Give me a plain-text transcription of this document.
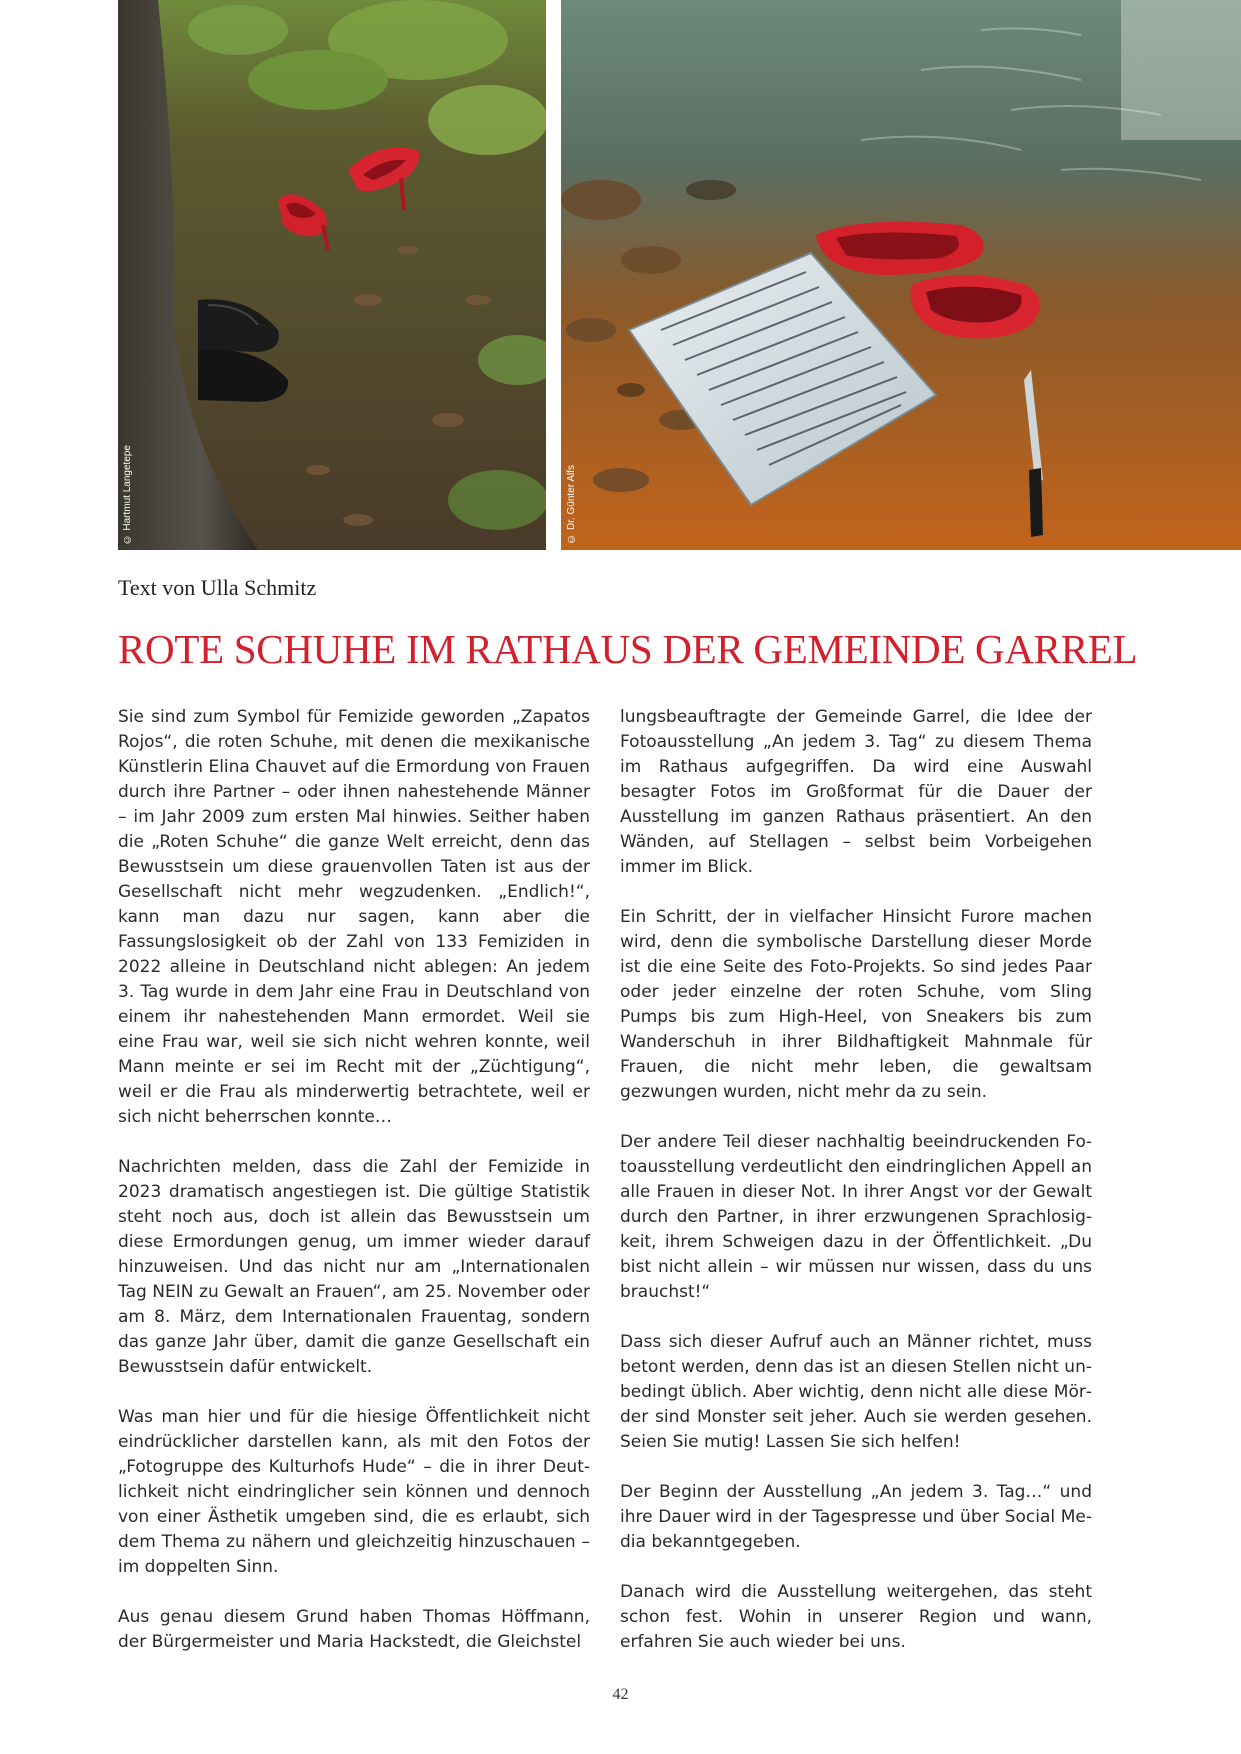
© Hartmut Langetepe	© Dr. Günter Alfs
Text von Ulla Schmitz
ROTE SCHUHE IM RATHAUS DER GEMEINDE GARREL

Sie sind zum Symbol für Femizide geworden „Zapatos Rojos“, die roten Schuhe, mit denen die mexikanische Künstlerin Elina Chauvet auf die Ermordung von Frauen durch ihre Partner – oder ihnen nahestehende Männer – im Jahr 2009 zum ersten Mal hinwies. Seither haben die „Roten Schuhe“ die ganze Welt erreicht, denn das Bewusstsein um diese grauenvollen Taten ist aus der Gesellschaft nicht mehr wegzudenken. „Endlich!“, kann man dazu nur sagen, kann aber die Fassungslosigkeit ob der Zahl von 133 Femiziden in 2022 alleine in Deutschland nicht ablegen: An jedem 3. Tag wurde in dem Jahr eine Frau in Deutschland von einem ihr nahestehenden Mann ermordet. Weil sie eine Frau war, weil sie sich nicht wehren konnte, weil Mann meinte er sei im Recht mit der „Züchtigung“, weil er die Frau als minderwertig betrachtete, weil er sich nicht beherrschen konnte…

Nachrichten melden, dass die Zahl der Femizide in 2023 dramatisch angestiegen ist. Die gültige Statistik steht noch aus, doch ist allein das Bewusstsein um diese Ermordungen genug, um immer wieder darauf hinzuweisen. Und das nicht nur am „Internationalen Tag NEIN zu Gewalt an Frauen“, am 25. November oder am 8. März, dem Internationalen Frauentag, sondern das ganze Jahr über, damit die ganze Gesellschaft ein Bewusstsein dafür entwickelt.

Was man hier und für die hiesige Öffentlichkeit nicht eindrücklicher darstellen kann, als mit den Fotos der „Fotogruppe des Kulturhofs Hude“ – die in ihrer Deutlichkeit nicht eindringlicher sein können und dennoch von einer Ästhetik umgeben sind, die es erlaubt, sich dem Thema zu nähern und gleichzeitig hinzuschauen – im doppelten Sinn.

Aus genau diesem Grund haben Thomas Höffmann, der Bürgermeister und Maria Hackstedt, die Gleichstel

lungsbeauftragte der Gemeinde Garrel, die Idee der Fotoausstellung „An jedem 3. Tag“ zu diesem Thema im Rathaus aufgegriffen. Da wird eine Auswahl besagter Fotos im Großformat für die Dauer der Ausstellung im ganzen Rathaus präsentiert. An den Wänden, auf Stellagen – selbst beim Vorbeigehen immer im Blick.

Ein Schritt, der in vielfacher Hinsicht Furore machen wird, denn die symbolische Darstellung dieser Morde ist die eine Seite des Foto-Projekts. So sind jedes Paar oder jeder einzelne der roten Schuhe, vom Sling Pumps bis zum High-Heel, von Sneakers bis zum Wanderschuh in ihrer Bildhaftigkeit Mahnmale für Frauen, die nicht mehr leben, die gewaltsam gezwungen wurden, nicht mehr da zu sein.

Der andere Teil dieser nachhaltig beeindruckenden Fotoausstellung verdeutlicht den eindringlichen Appell an alle Frauen in dieser Not. In ihrer Angst vor der Gewalt durch den Partner, in ihrer erzwungenen Sprachlosigkeit, ihrem Schweigen dazu in der Öffentlichkeit. „Du bist nicht allein – wir müssen nur wissen, dass du uns brauchst!“

Dass sich dieser Aufruf auch an Männer richtet, muss betont werden, denn das ist an diesen Stellen nicht unbedingt üblich. Aber wichtig, denn nicht alle diese Mörder sind Monster seit jeher. Auch sie werden gesehen. Seien Sie mutig! Lassen Sie sich helfen!

Der Beginn der Ausstellung „An jedem 3. Tag…“ und ihre Dauer wird in der Tagespresse und über Social Media bekanntgegeben.

Danach wird die Ausstellung weitergehen, das steht schon fest. Wohin in unserer Region und wann, erfahren Sie auch wieder bei uns.

42
